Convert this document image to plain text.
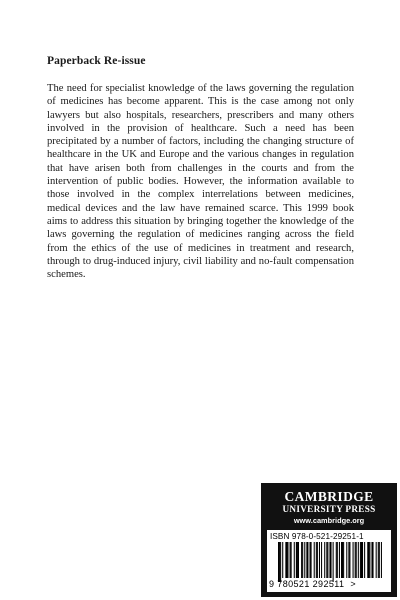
Paperback Re-issue

The need for specialist knowledge of the laws governing the regulation of medicines has become apparent. This is the case among not only lawyers but also hospitals, researchers, prescribers and many others involved in the provision of healthcare. Such a need has been precipitated by a number of factors, including the changing structure of healthcare in the UK and Europe and the various changes in regulation that have arisen both from challenges in the courts and from the intervention of public bodies. However, the information available to those involved in the complex interrelations between medicines, medical devices and the law have remained scarce. This 1999 book aims to address this situation by bringing together the knowledge of the laws governing the regulation of medicines ranging across the field from the ethics of the use of medicines in treatment and research, through to drug-induced injury, civil liability and no-fault compensation schemes.

CAMBRIDGE
UNIVERSITY PRESS
www.cambridge.org
ISBN 978-0-521-29251-1
9 780521 292511 >
